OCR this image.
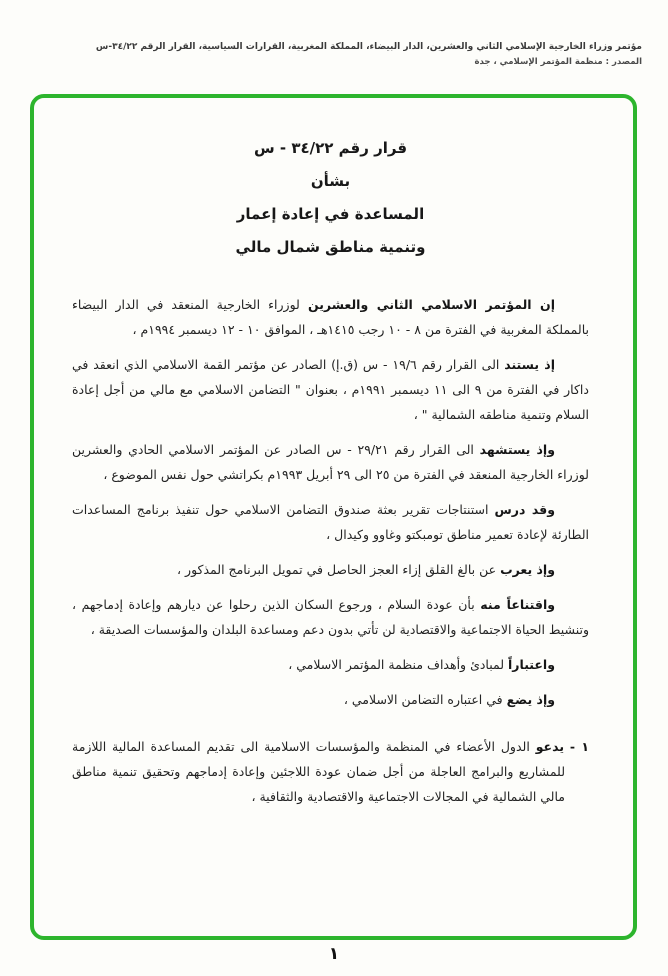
مؤتمر وزراء الخارجية الإسلامي الثاني والعشرين، الدار البيضاء، المملكة المغربية، القرارات السياسية، القرار الرقم ٣٤/٢٢-س
المصدر : منظمة المؤتمر الإسلامي ، جدة
قرار رقم ٣٤/٢٢ - س
بشأن
المساعدة في إعادة إعمار
وتنمية مناطق شمال مالي

إن المؤتمر الاسلامي الثاني والعشرين لوزراء الخارجية المنعقد في الدار البيضاء بالمملكة المغربية في الفترة من ٨ - ١٠ رجب ١٤١٥هـ ، الموافق ١٠ - ١٢ ديسمبر ١٩٩٤م ،

إذ يستند الى القرار رقم ١٩/٦ - س (ق.إ) الصادر عن مؤتمر القمة الاسلامي الذي انعقد في داكار في الفترة من ٩ الى ١١ ديسمبر ١٩٩١م ، بعنوان " التضامن الاسلامي مع مالي من أجل إعادة السلام وتنمية مناطقه الشمالية " ،

وإذ يستشهد الى القرار رقم ٢٩/٢١ - س الصادر عن المؤتمر الاسلامي الحادي والعشرين لوزراء الخارجية المنعقد في الفترة من ٢٥ الى ٢٩ أبريل ١٩٩٣م بكراتشي حول نفس الموضوع ،

وقد درس استنتاجات تقرير بعثة صندوق التضامن الاسلامي حول تنفيذ برنامج المساعدات الطارئة لإعادة تعمير مناطق تومبكتو وغاوو وكيدال ،

وإذ يعرب عن بالغ القلق إزاء العجز الحاصل في تمويل البرنامج المذكور ،

واقتناعاً منه بأن عودة السلام ، ورجوع السكان الذين رحلوا عن ديارهم وإعادة إدماجهم ، وتنشيط الحياة الاجتماعية والاقتصادية لن تأتي بدون دعم ومساعدة البلدان والمؤسسات الصديقة ،

واعتباراً لمبادئ وأهداف منظمة المؤتمر الاسلامي ،

وإذ يضع في اعتباره التضامن الاسلامي ،

١ - يدعو الدول الأعضاء في المنظمة والمؤسسات الاسلامية الى تقديم المساعدة المالية اللازمة للمشاريع والبرامج العاجلة من أجل ضمان عودة اللاجئين وإعادة إدماجهم وتحقيق تنمية مناطق مالي الشمالية في المجالات الاجتماعية والاقتصادية والثقافية ،

١
